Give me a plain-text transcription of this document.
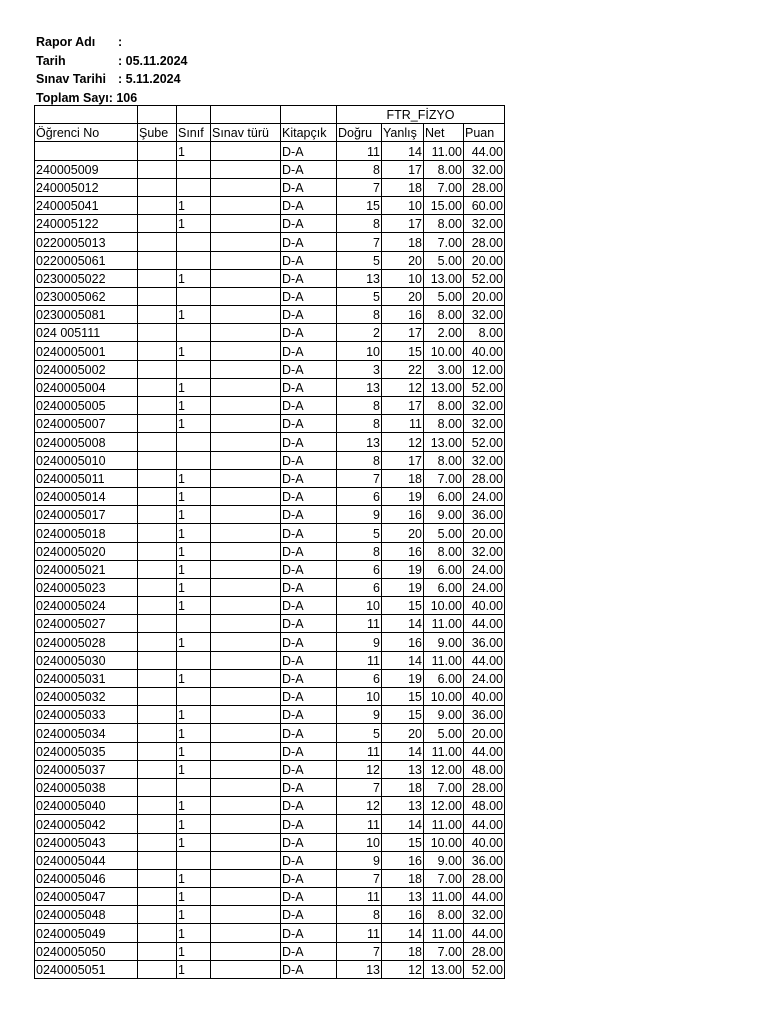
Rapor Adı :
Tarih	: 05.11.2024
Sınav Tarihi : 5.11.2024
Toplam Sayı: 106
					FTR_FİZYO			
Öğrenci No	Şube	Sınıf	Sınav türü	Kitapçık	Doğru	Yanlış	Net	Puan
		1		D-A	11	14	11.00	44.00
240005009				D-A	8	17	8.00	32.00
240005012				D-A	7	18	7.00	28.00
240005041		1		D-A	15	10	15.00	60.00
240005122		1		D-A	8	17	8.00	32.00
0220005013				D-A	7	18	7.00	28.00
0220005061				D-A	5	20	5.00	20.00
0230005022		1		D-A	13	10	13.00	52.00
0230005062				D-A	5	20	5.00	20.00
0230005081		1		D-A	8	16	8.00	32.00
024 005111				D-A	2	17	2.00	8.00
0240005001		1		D-A	10	15	10.00	40.00
0240005002				D-A	3	22	3.00	12.00
0240005004		1		D-A	13	12	13.00	52.00
0240005005		1		D-A	8	17	8.00	32.00
0240005007		1		D-A	8	11	8.00	32.00
0240005008				D-A	13	12	13.00	52.00
0240005010				D-A	8	17	8.00	32.00
0240005011		1		D-A	7	18	7.00	28.00
0240005014		1		D-A	6	19	6.00	24.00
0240005017		1		D-A	9	16	9.00	36.00
0240005018		1		D-A	5	20	5.00	20.00
0240005020		1		D-A	8	16	8.00	32.00
0240005021		1		D-A	6	19	6.00	24.00
0240005023		1		D-A	6	19	6.00	24.00
0240005024		1		D-A	10	15	10.00	40.00
0240005027				D-A	11	14	11.00	44.00
0240005028		1		D-A	9	16	9.00	36.00
0240005030				D-A	11	14	11.00	44.00
0240005031		1		D-A	6	19	6.00	24.00
0240005032				D-A	10	15	10.00	40.00
0240005033		1		D-A	9	15	9.00	36.00
0240005034		1		D-A	5	20	5.00	20.00
0240005035		1		D-A	11	14	11.00	44.00
0240005037		1		D-A	12	13	12.00	48.00
0240005038				D-A	7	18	7.00	28.00
0240005040		1		D-A	12	13	12.00	48.00
0240005042		1		D-A	11	14	11.00	44.00
0240005043		1		D-A	10	15	10.00	40.00
0240005044				D-A	9	16	9.00	36.00
0240005046		1		D-A	7	18	7.00	28.00
0240005047		1		D-A	11	13	11.00	44.00
0240005048		1		D-A	8	16	8.00	32.00
0240005049		1		D-A	11	14	11.00	44.00
0240005050		1		D-A	7	18	7.00	28.00
0240005051		1		D-A	13	12	13.00	52.00
